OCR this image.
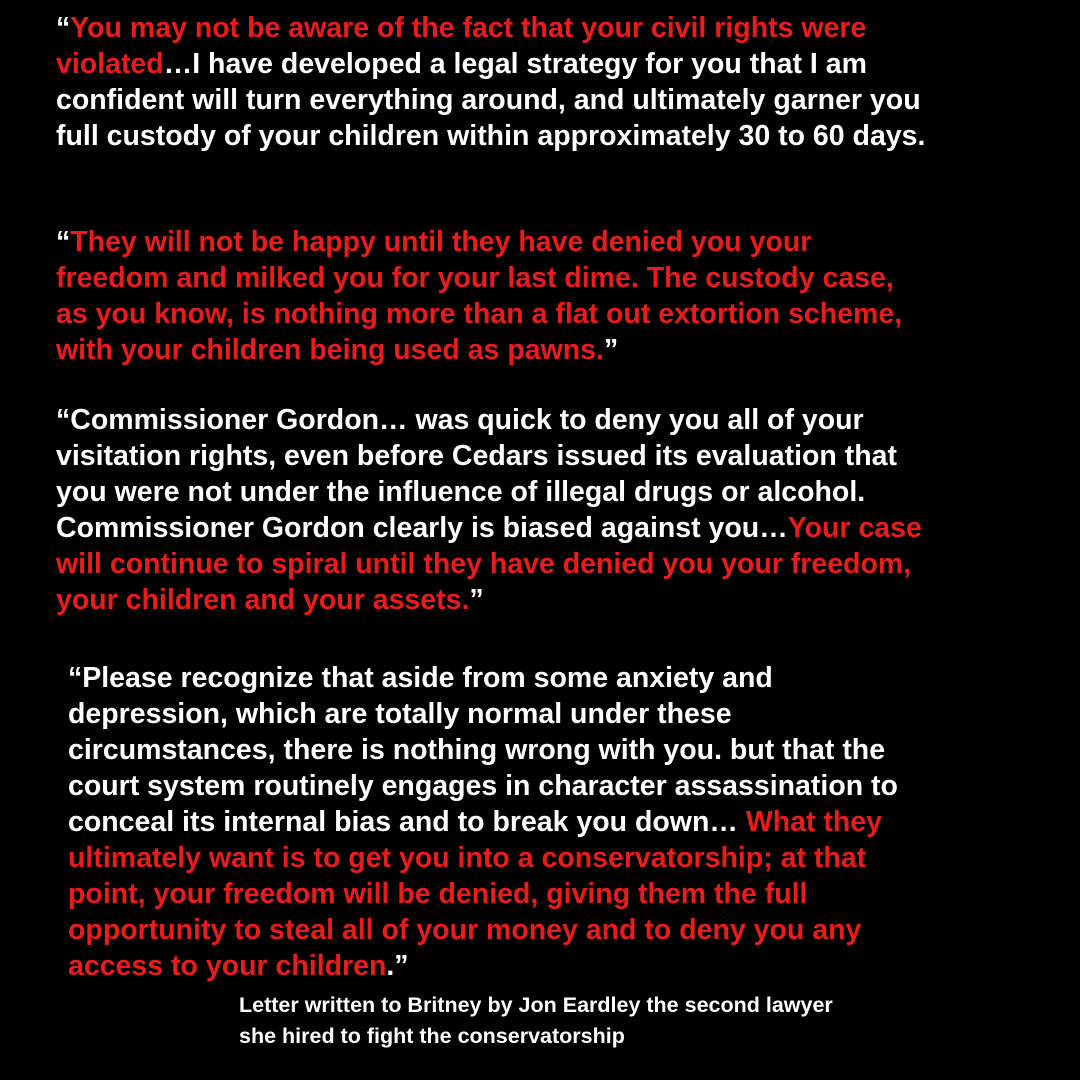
“You may not be aware of the fact that your civil rights were
violated…I have developed a legal strategy for you that I am
confident will turn everything around, and ultimately garner you
full custody of your children within approximately 30 to 60 days.

“They will not be happy until they have denied you your
freedom and milked you for your last dime. The custody case,
as you know, is nothing more than a flat out extortion scheme,
with your children being used as pawns.”

“Commissioner Gordon… was quick to deny you all of your
visitation rights, even before Cedars issued its evaluation that
you were not under the influence of illegal drugs or alcohol.
Commissioner Gordon clearly is biased against you…Your case
will continue to spiral until they have denied you your freedom,
your children and your assets.”

“Please recognize that aside from some anxiety and
depression, which are totally normal under these
circumstances, there is nothing wrong with you. but that the
court system routinely engages in character assassination to
conceal its internal bias and to break you down… What they
ultimately want is to get you into a conservatorship; at that
point, your freedom will be denied, giving them the full
opportunity to steal all of your money and to deny you any
access to your children.”

Letter written to Britney by Jon Eardley the second lawyer
she hired to fight the conservatorship
